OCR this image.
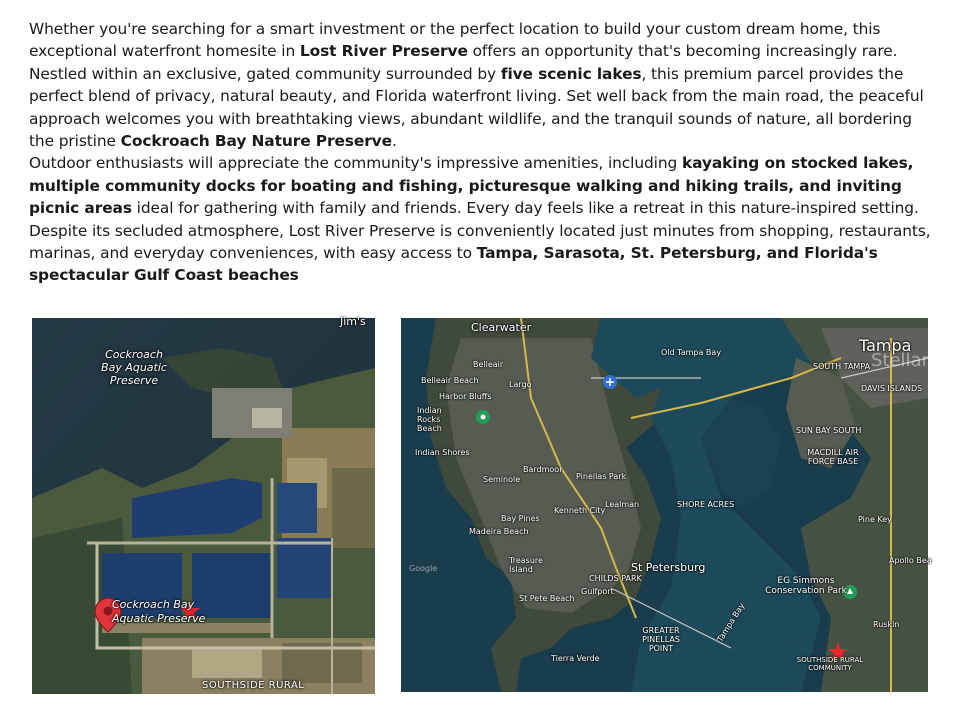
Whether you're searching for a smart investment or the perfect location to build your custom dream home, this exceptional waterfront homesite in Lost River Preserve offers an opportunity that's becoming increasingly rare. Nestled within an exclusive, gated community surrounded by five scenic lakes, this premium parcel provides the perfect blend of privacy, natural beauty, and Florida waterfront living. Set well back from the main road, the peaceful approach welcomes you with breathtaking views, abundant wildlife, and the tranquil sounds of nature, all bordering the pristine Cockroach Bay Nature Preserve.

Outdoor enthusiasts will appreciate the community's impressive amenities, including kayaking on stocked lakes, multiple community docks for boating and fishing, picturesque walking and hiking trails, and inviting picnic areas ideal for gathering with family and friends. Every day feels like a retreat in this nature-inspired setting.

Despite its secluded atmosphere, Lost River Preserve is conveniently located just minutes from shopping, restaurants, marinas, and everyday conveniences, with easy access to Tampa, Sarasota, St. Petersburg, and Florida's spectacular Gulf Coast beaches

Cockroach Bay Aquatic Preserve
Cockroach Bay Aquatic Preserve
Jim's
SOUTHSIDE RURAL
Clearwater
Tampa
StellarMLS
Old Tampa Bay
SOUTH TAMPA
DAVIS ISLANDS
SUN BAY SOUTH
MACDILL AIR FORCE BASE
Pine Key
Apollo Bea
Ruskin
Belleair
Belleair Beach
Harbor Bluffs
Largo
Indian Rocks Beach
Indian Shores
Seminole
Bardmoor
Pinellas Park
Lealman
Kenneth City
Bay Pines
Madeira Beach
SHORE ACRES
Treasure Island
CHILDS PARK
St Petersburg
St Pete Beach
Gulfport
GREATER PINELLAS POINT
Tierra Verde
Tampa Bay
EG Simmons Conservation Park
SOUTHSIDE RURAL COMMUNITY
Google
